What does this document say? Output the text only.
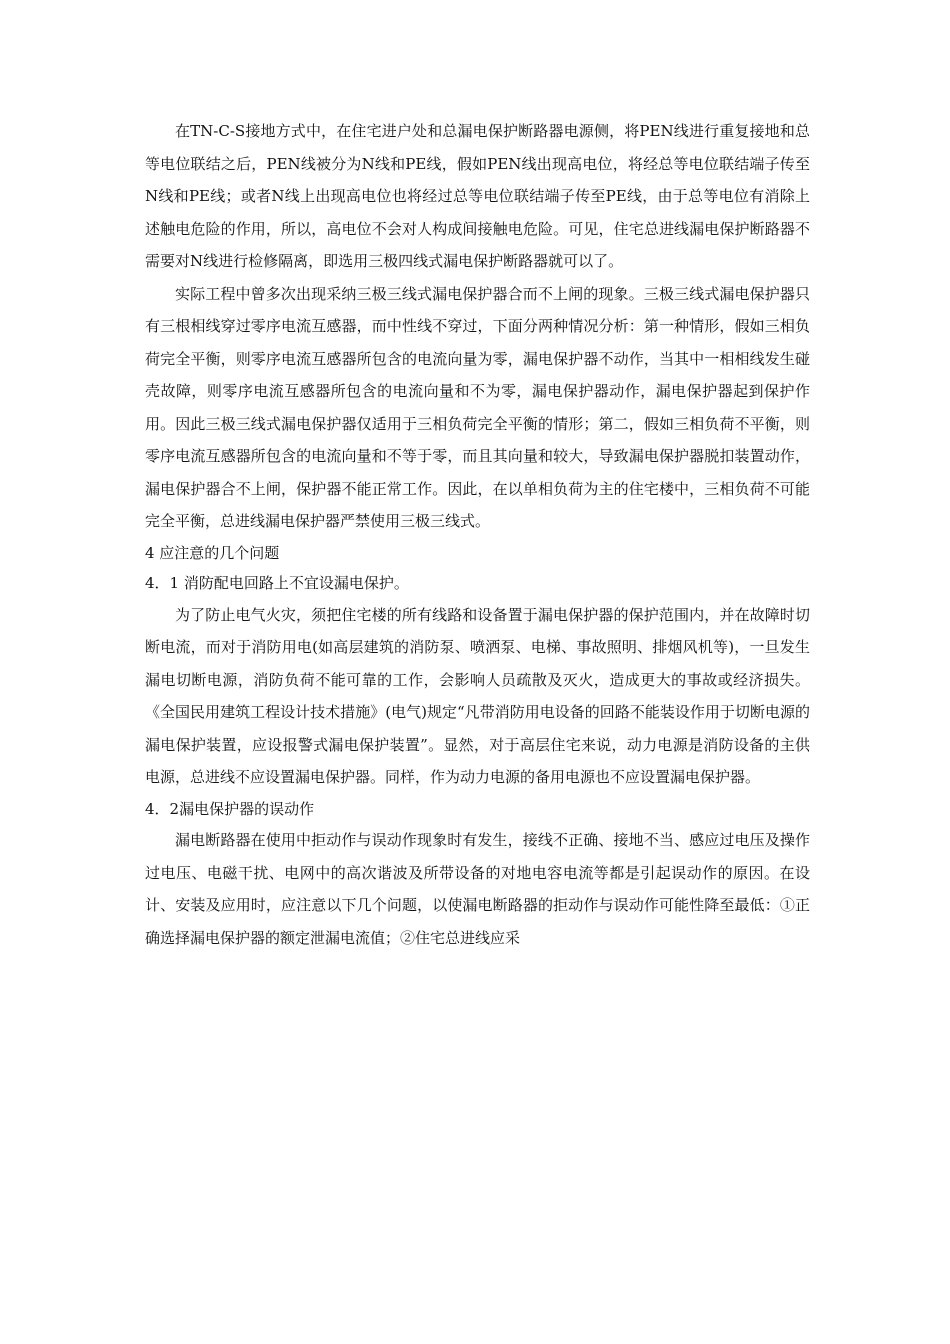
在TN-C-S接地方式中，在住宅进户处和总漏电保护断路器电源侧，将PEN线进行重复接地和总等电位联结之后，PEN线被分为N线和PE线，假如PEN线出现高电位，将经总等电位联结端子传至N线和PE线；或者N线上出现高电位也将经过总等电位联结端子传至PE线，由于总等电位有消除上述触电危险的作用，所以，高电位不会对人构成间接触电危险。可见，住宅总进线漏电保护断路器不需要对N线进行检修隔离，即选用三极四线式漏电保护断路器就可以了。

实际工程中曾多次出现采纳三极三线式漏电保护器合而不上闸的现象。三极三线式漏电保护器只有三根相线穿过零序电流互感器，而中性线不穿过，下面分两种情况分析：第一种情形，假如三相负荷完全平衡，则零序电流互感器所包含的电流向量为零，漏电保护器不动作，当其中一相相线发生碰壳故障，则零序电流互感器所包含的电流向量和不为零，漏电保护器动作，漏电保护器起到保护作用。因此三极三线式漏电保护器仅适用于三相负荷完全平衡的情形；第二，假如三相负荷不平衡，则零序电流互感器所包含的电流向量和不等于零，而且其向量和较大，导致漏电保护器脱扣装置动作，漏电保护器合不上闸，保护器不能正常工作。因此，在以单相负荷为主的住宅楼中，三相负荷不可能完全平衡，总进线漏电保护器严禁使用三极三线式。

4 应注意的几个问题

4．1 消防配电回路上不宜设漏电保护。

为了防止电气火灾，须把住宅楼的所有线路和设备置于漏电保护器的保护范围内，并在故障时切断电流，而对于消防用电(如高层建筑的消防泵、喷洒泵、电梯、事故照明、排烟风机等)，一旦发生漏电切断电源，消防负荷不能可靠的工作，会影响人员疏散及灭火，造成更大的事故或经济损失。《全国民用建筑工程设计技术措施》(电气)规定“凡带消防用电设备的回路不能装设作用于切断电源的漏电保护装置，应设报警式漏电保护装置”。显然，对于高层住宅来说，动力电源是消防设备的主供电源，总进线不应设置漏电保护器。同样，作为动力电源的备用电源也不应设置漏电保护器。

4．2漏电保护器的误动作

漏电断路器在使用中拒动作与误动作现象时有发生，接线不正确、接地不当、感应过电压及操作过电压、电磁干扰、电网中的高次谐波及所带设备的对地电容电流等都是引起误动作的原因。在设计、安装及应用时，应注意以下几个问题，以使漏电断路器的拒动作与误动作可能性降至最低：①正确选择漏电保护器的额定泄漏电流值；②住宅总进线应采
